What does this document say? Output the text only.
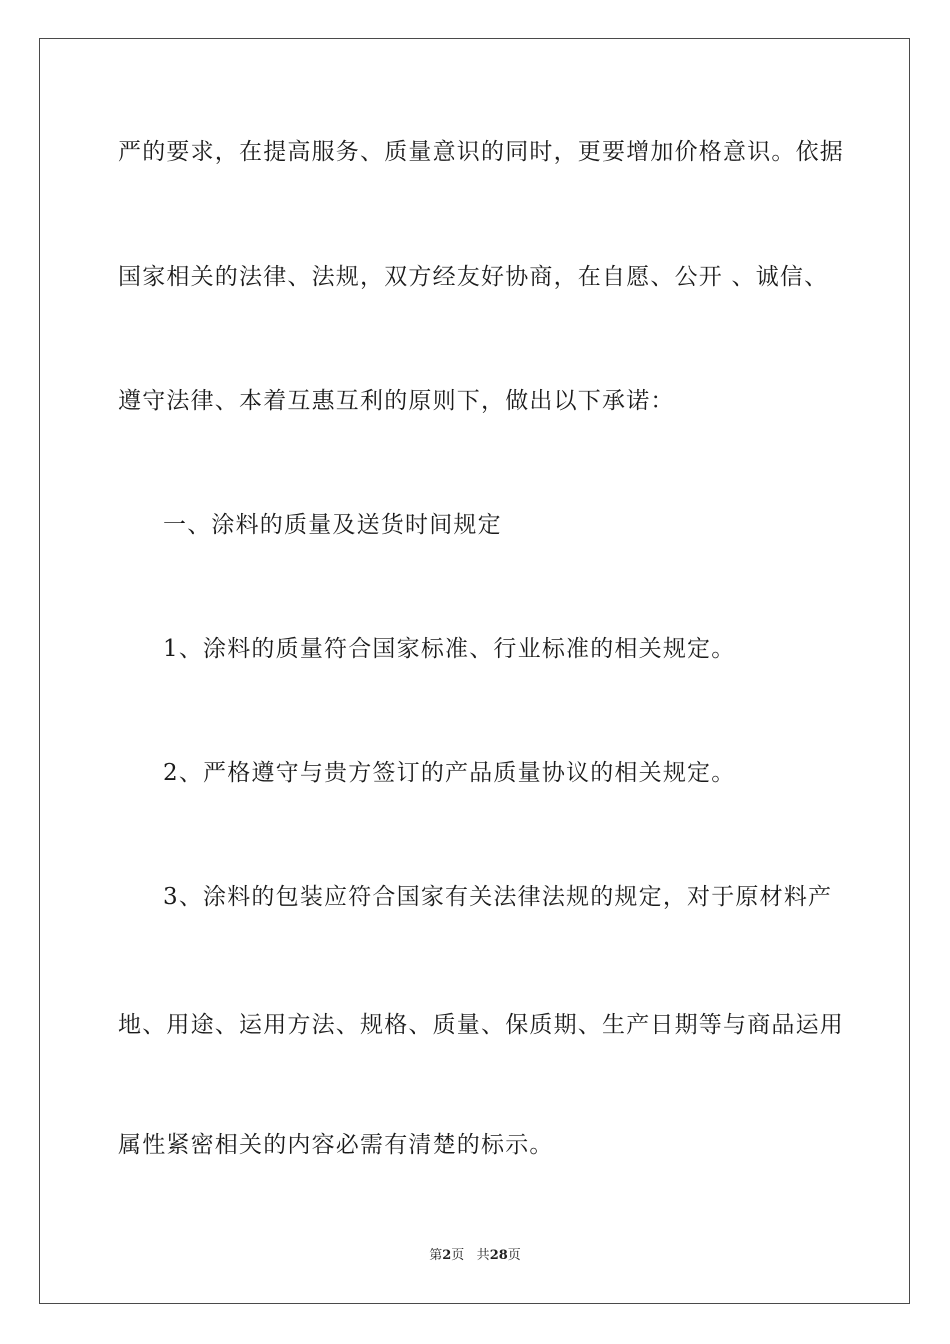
严的要求，在提高服务、质量意识的同时，更要增加价格意识。依据
国家相关的法律、法规，双方经友好协商，在自愿、公开 、诚信、
遵守法律、本着互惠互利的原则下，做出以下承诺：
一、涂料的质量及送货时间规定
1、涂料的质量符合国家标准、行业标准的相关规定。
2、严格遵守与贵方签订的产品质量协议的相关规定。
3、涂料的包装应符合国家有关法律法规的规定，对于原材料产
地、用途、运用方法、规格、质量、保质期、生产日期等与商品运用
属性紧密相关的内容必需有清楚的标示。
第2页 共28页
